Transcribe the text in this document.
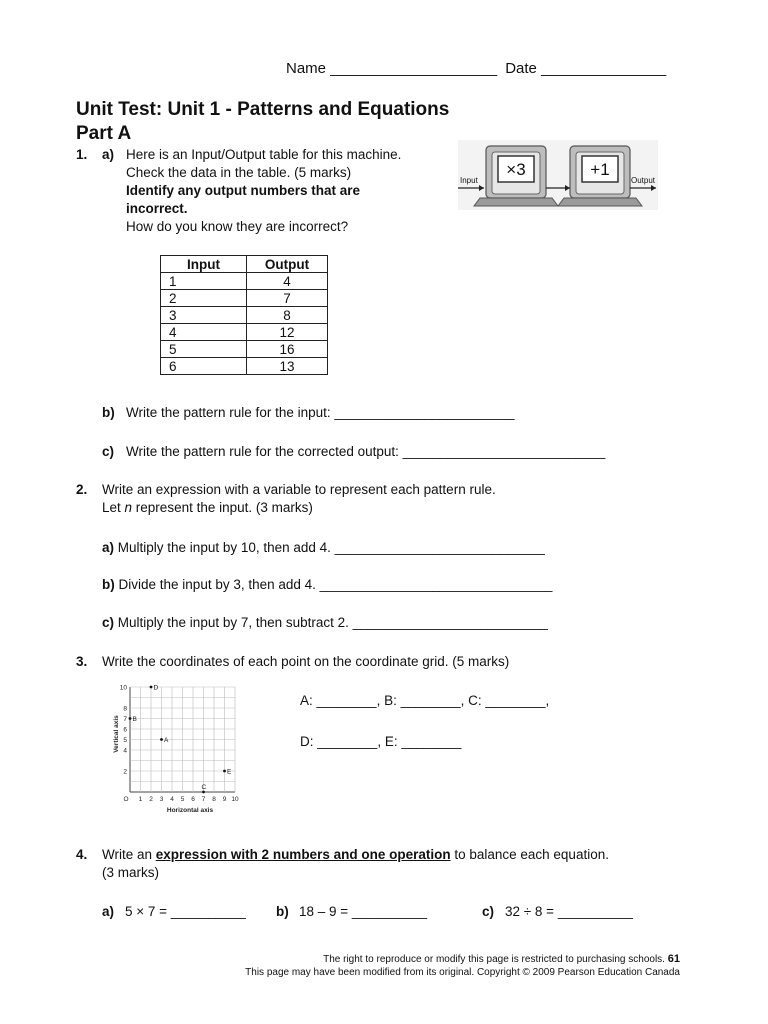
Name ____________________ Date _______________
Unit Test: Unit 1 - Patterns and Equations
Part A
1. a) Here is an Input/Output table for this machine.
Check the data in the table. (5 marks)
Identify any output numbers that are
incorrect.
How do you know they are incorrect?
×3	+1
Input	Output
Input	Output
1	4
2	7
3	8
4	12
5	16
6	13
b) Write the pattern rule for the input: ________________________
c) Write the pattern rule for the corrected output: ___________________________
2. Write an expression with a variable to represent each pattern rule.
Let n represent the input. (3 marks)
a) Multiply the input by 10, then add 4. ____________________________
b) Divide the input by 3, then add 4. _______________________________
c) Multiply the input by 7, then subtract 2. __________________________
3. Write the coordinates of each point on the coordinate grid. (5 marks)
O 1 2 3 4 5 6 7 8 9 10
2
4
5
6
7
8
10
A
B
C
D
E
Horizontal axis
Vertical axis
A: ________, B: ________, C: ________,
D: ________, E: ________
4. Write an expression with 2 numbers and one operation to balance each equation.
(3 marks)
a) 5 × 7 = __________ b) 18 – 9 = __________	c) 32 ÷ 8 = __________
The right to reproduce or modify this page is restricted to purchasing schools. 61
This page may have been modified from its original. Copyright © 2009 Pearson Education Canada
